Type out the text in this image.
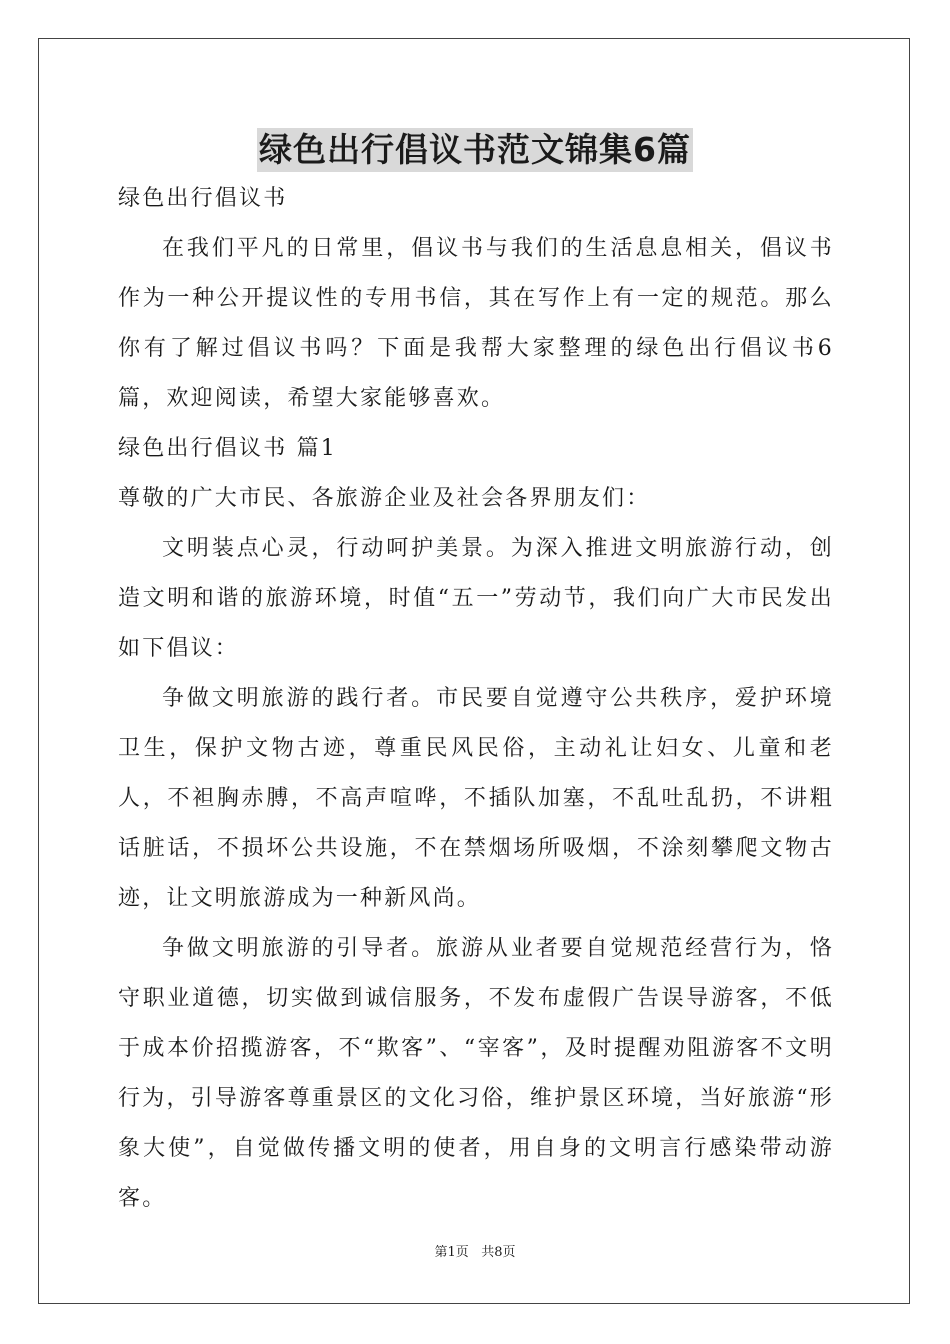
绿色出行倡议书范文锦集6篇

绿色出行倡议书

在我们平凡的日常里，倡议书与我们的生活息息相关，倡议书作为一种公开提议性的专用书信，其在写作上有一定的规范。那么你有了解过倡议书吗？下面是我帮大家整理的绿色出行倡议书6篇，欢迎阅读，希望大家能够喜欢。

绿色出行倡议书 篇1

尊敬的广大市民、各旅游企业及社会各界朋友们：

文明装点心灵，行动呵护美景。为深入推进文明旅游行动，创造文明和谐的旅游环境，时值“五一”劳动节，我们向广大市民发出如下倡议：

争做文明旅游的践行者。市民要自觉遵守公共秩序，爱护环境卫生，保护文物古迹，尊重民风民俗，主动礼让妇女、儿童和老人，不袒胸赤膊，不高声喧哗，不插队加塞，不乱吐乱扔，不讲粗话脏话，不损坏公共设施，不在禁烟场所吸烟，不涂刻攀爬文物古迹，让文明旅游成为一种新风尚。

争做文明旅游的引导者。旅游从业者要自觉规范经营行为，恪守职业道德，切实做到诚信服务，不发布虚假广告误导游客，不低于成本价招揽游客，不“欺客”、“宰客”，及时提醒劝阻游客不文明行为，引导游客尊重景区的文化习俗，维护景区环境，当好旅游“形象大使”，自觉做传播文明的使者，用自身的文明言行感染带动游客。

第1页 共8页
